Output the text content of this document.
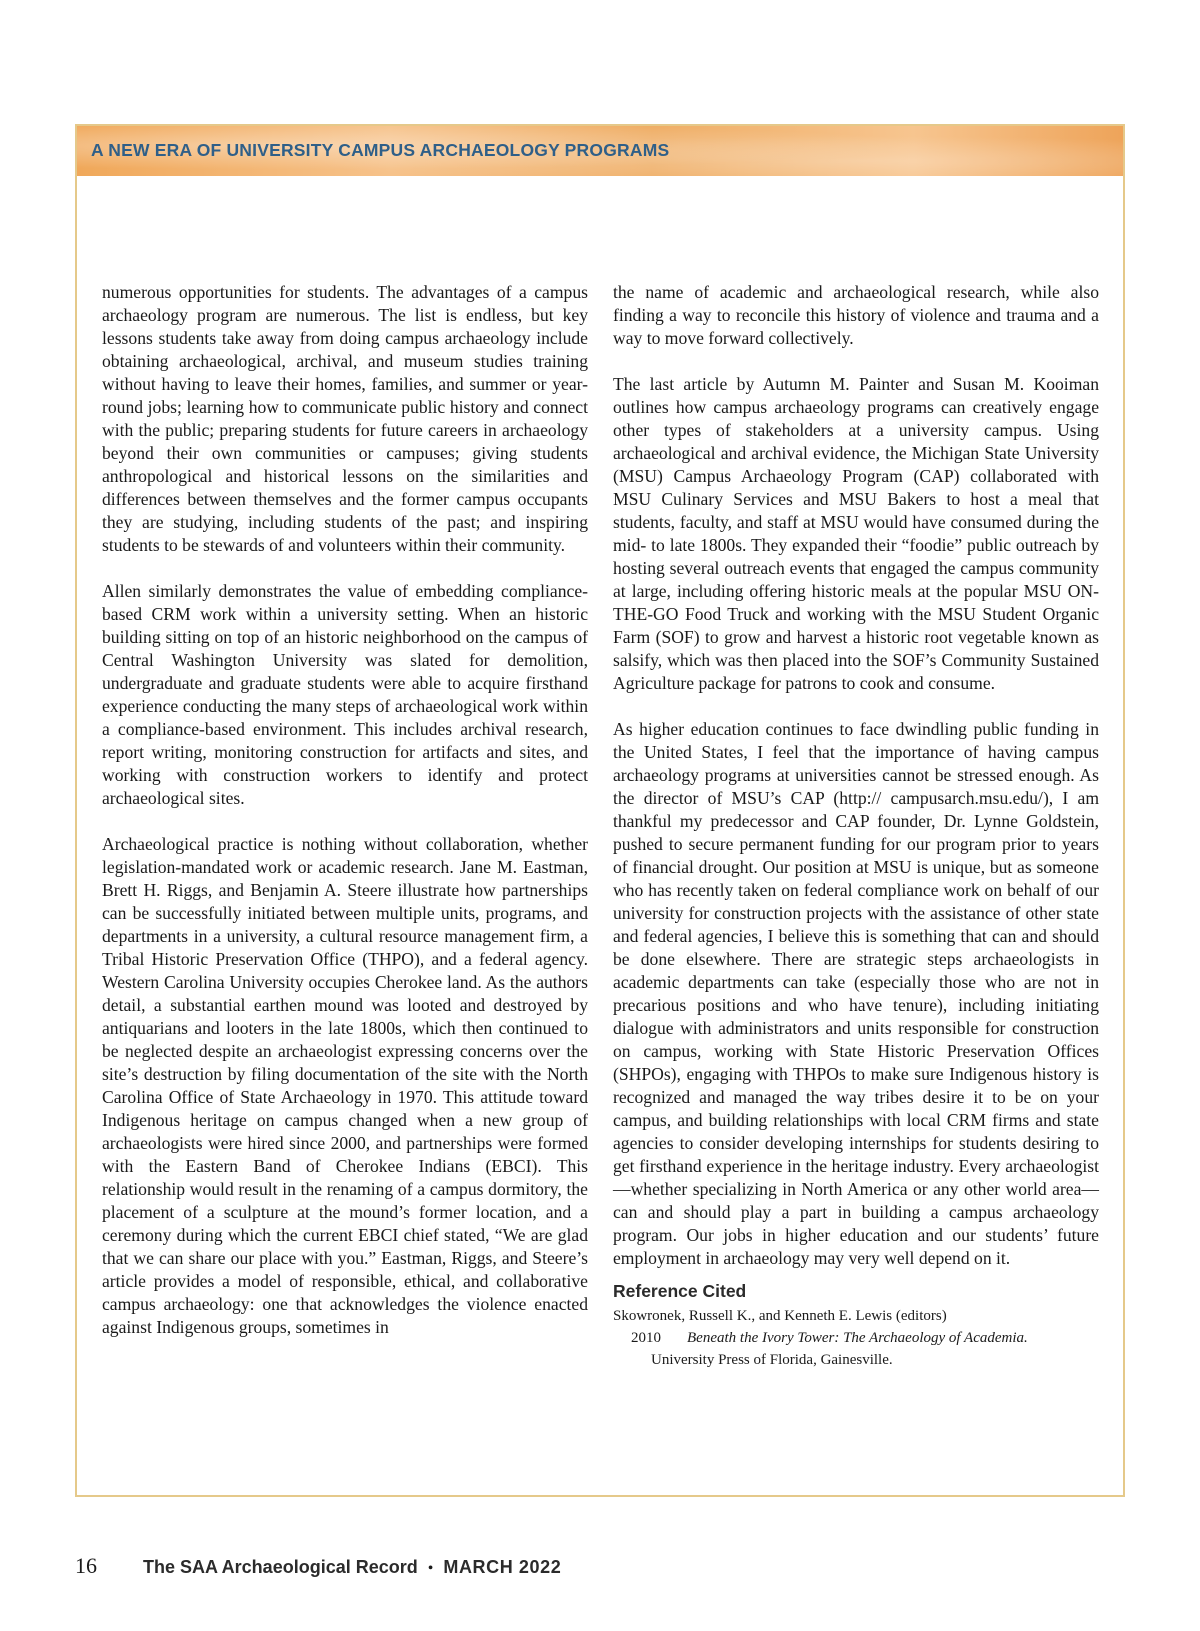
A NEW ERA OF UNIVERSITY CAMPUS ARCHAEOLOGY PROGRAMS

numerous opportunities for students. The advantages of a campus archaeology program are numerous. The list is endless, but key lessons students take away from doing campus archaeology include obtaining archaeological, archival, and museum studies training without having to leave their homes, families, and summer or year-round jobs; learning how to communicate public history and connect with the public; preparing students for future careers in archaeology beyond their own communities or campuses; giving students anthropological and historical lessons on the similarities and differences between themselves and the former campus occupants they are studying, including students of the past; and inspiring students to be stewards of and volunteers within their community.

Allen similarly demonstrates the value of embedding compliance-based CRM work within a university setting. When an historic building sitting on top of an historic neighborhood on the campus of Central Washington University was slated for demolition, undergraduate and graduate students were able to acquire firsthand experience conducting the many steps of archaeological work within a compliance-based environment. This includes archival research, report writing, monitoring construction for artifacts and sites, and working with construction workers to identify and protect archaeological sites.

Archaeological practice is nothing without collaboration, whether legislation-mandated work or academic research. Jane M. Eastman, Brett H. Riggs, and Benjamin A. Steere illustrate how partnerships can be successfully initiated between multiple units, programs, and departments in a university, a cultural resource management firm, a Tribal Historic Preservation Office (THPO), and a federal agency. Western Carolina University occupies Cherokee land. As the authors detail, a substantial earthen mound was looted and destroyed by antiquarians and looters in the late 1800s, which then continued to be neglected despite an archaeologist expressing concerns over the site’s destruction by filing documentation of the site with the North Carolina Office of State Archaeology in 1970. This attitude toward Indigenous heritage on campus changed when a new group of archaeologists were hired since 2000, and partnerships were formed with the Eastern Band of Cherokee Indians (EBCI). This relationship would result in the renaming of a campus dormitory, the placement of a sculpture at the mound’s former location, and a ceremony during which the current EBCI chief stated, “We are glad that we can share our place with you.” Eastman, Riggs, and Steere’s article provides a model of responsible, ethical, and collaborative campus archaeology: one that acknowledges the violence enacted against Indigenous groups, sometimes in

the name of academic and archaeological research, while also finding a way to reconcile this history of violence and trauma and a way to move forward collectively.

The last article by Autumn M. Painter and Susan M. Kooiman outlines how campus archaeology programs can creatively engage other types of stakeholders at a university campus. Using archaeological and archival evidence, the Michigan State University (MSU) Campus Archaeology Program (CAP) collaborated with MSU Culinary Services and MSU Bakers to host a meal that students, faculty, and staff at MSU would have consumed during the mid- to late 1800s. They expanded their “foodie” public outreach by hosting several outreach events that engaged the campus community at large, including offering historic meals at the popular MSU ON-THE-GO Food Truck and working with the MSU Student Organic Farm (SOF) to grow and harvest a historic root vegetable known as salsify, which was then placed into the SOF’s Community Sustained Agriculture package for patrons to cook and consume.

As higher education continues to face dwindling public funding in the United States, I feel that the importance of having campus archaeology programs at universities cannot be stressed enough. As the director of MSU’s CAP (http:// campusarch.msu.edu/), I am thankful my predecessor and CAP founder, Dr. Lynne Goldstein, pushed to secure permanent funding for our program prior to years of financial drought. Our position at MSU is unique, but as someone who has recently taken on federal compliance work on behalf of our university for construction projects with the assistance of other state and federal agencies, I believe this is something that can and should be done elsewhere. There are strategic steps archaeologists in academic departments can take (especially those who are not in precarious positions and who have tenure), including initiating dialogue with administrators and units responsible for construction on campus, working with State Historic Preservation Offices (SHPOs), engaging with THPOs to make sure Indigenous history is recognized and managed the way tribes desire it to be on your campus, and building relationships with local CRM firms and state agencies to consider developing internships for students desiring to get firsthand experience in the heritage industry. Every archaeologist—whether specializing in North America or any other world area—can and should play a part in building a campus archaeology program. Our jobs in higher education and our students’ future employment in archaeology may very well depend on it.

Reference Cited

Skowronek, Russell K., and Kenneth E. Lewis (editors)

2010 Beneath the Ivory Tower: The Archaeology of Academia.

University Press of Florida, Gainesville.

16	The SAA Archaeological Record • MARCH 2022
